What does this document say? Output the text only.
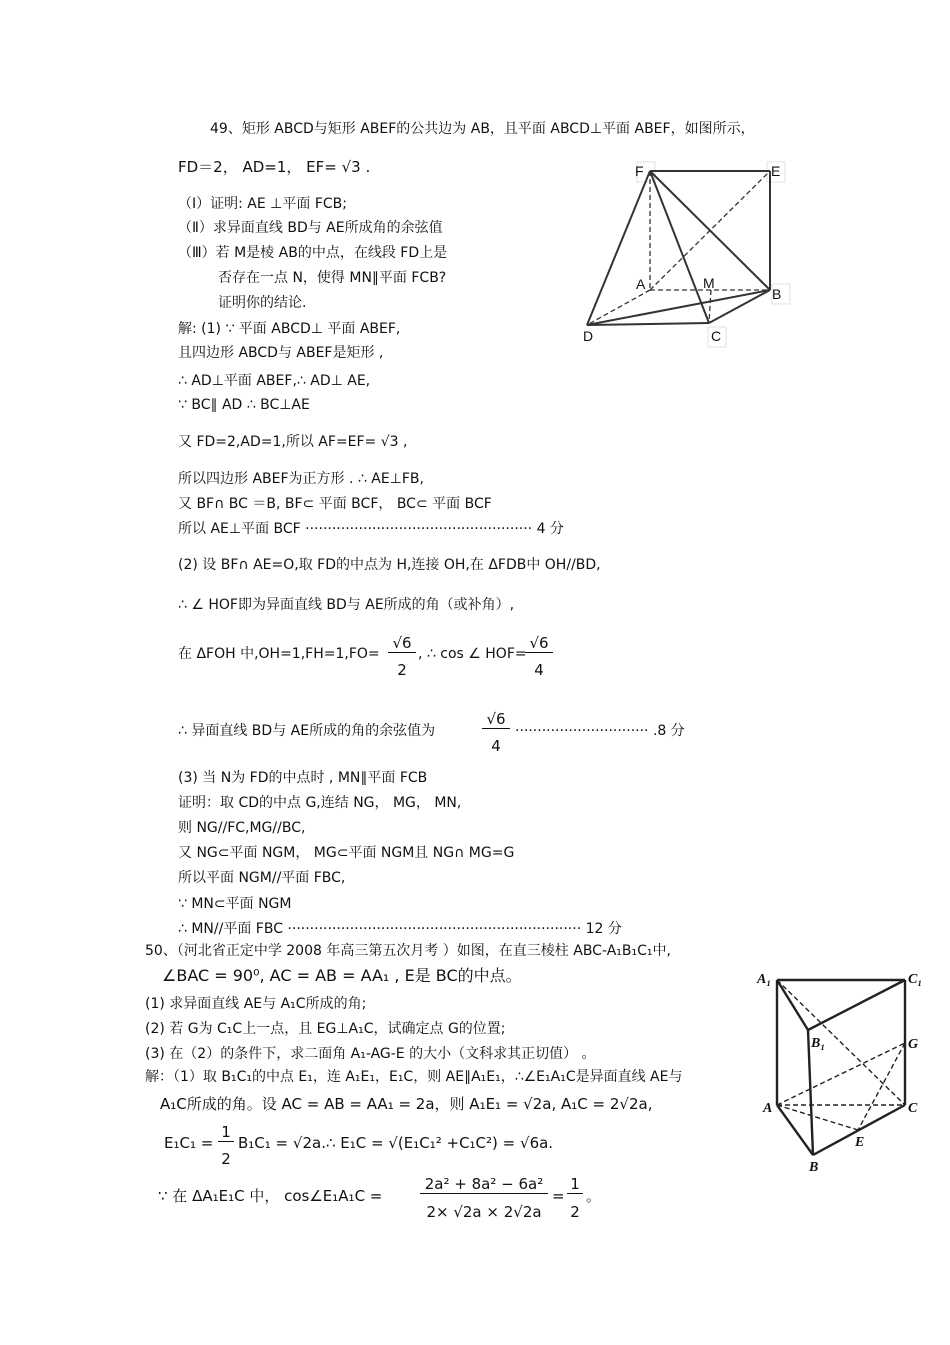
49、矩形 ABCD与矩形 ABEF的公共边为 AB，且平面 ABCD⊥平面 ABEF，如图所示，
FD＝2， AD=1， EF= √3 .
（Ⅰ）证明: AE ⊥平面 FCB;
（Ⅱ）求异面直线 BD与 AE所成角的余弦值
（Ⅲ）若 M是棱 AB的中点，在线段 FD上是
否存在一点 N，使得 MN∥平面 FCB?
证明你的结论.
解: (1) ∵ 平面 ABCD⊥ 平面 ABEF,
且四边形 ABCD与 ABEF是矩形 ,
∴ AD⊥平面 ABEF,∴ AD⊥ AE,
∵ BC∥ AD ∴ BC⊥AE
又 FD=2,AD=1,所以 AF=EF= √3 ,
所以四边形 ABEF为正方形 . ∴ AE⊥FB,
又 BF∩ BC ＝B, BF⊂ 平面 BCF， BC⊂ 平面 BCF
所以 AE⊥平面 BCF ··················································· 4 分
(2) 设 BF∩ AE=O,取 FD的中点为 H,连接 OH,在 ΔFDB中 OH//BD,
∴ ∠ HOF即为异面直线 BD与 AE所成的角（或补角）,
在 ΔFOH 中,OH=1,FH=1,FO=
√6
2
, ∴ cos ∠ HOF=
√6
4
∴ 异面直线 BD与 AE所成的角的余弦值为
√6
4
······························ .8 分
(3) 当 N为 FD的中点时 , MN∥平面 FCB
证明：取 CD的中点 G,连结 NG， MG， MN,
则 NG//FC,MG//BC,
又 NG⊂平面 NGM， MG⊂平面 NGM且 NG∩ MG=G
所以平面 NGM//平面 FBC,
∵ MN⊂平面 NGM
∴ MN//平面 FBC ·································································· 12 分
F	E
A	M
B
D	C
50、（河北省正定中学 2008 年高三第五次月考 ）如图，在直三棱柱 ABC-A₁B₁C₁中,
∠BAC = 90⁰, AC = AB = AA₁ , E是 BC的中点。
(1) 求异面直线 AE与 A₁C所成的角;
(2) 若 G为 C₁C上一点，且 EG⊥A₁C，试确定点 G的位置;
(3) 在（2）的条件下，求二面角 A₁-AG-E 的大小（文科求其正切值） 。
解：（1）取 B₁C₁的中点 E₁，连 A₁E₁，E₁C，则 AE∥A₁E₁，∴∠E₁A₁C是异面直线 AE与
A₁C所成的角。设 AC = AB = AA₁ = 2a，则 A₁E₁ = √2a, A₁C = 2√2a,
E₁C₁ =
1
2
B₁C₁ = √2a.∴ E₁C = √(E₁C₁² +C₁C²) = √6a.
∵ 在 ΔA₁E₁C 中， cos∠E₁A₁C =
2a² + 8a² − 6a²
2× √2a × 2√2a
=
1
2
。
A₁	C₁
B₁	G
A	C
E
B
